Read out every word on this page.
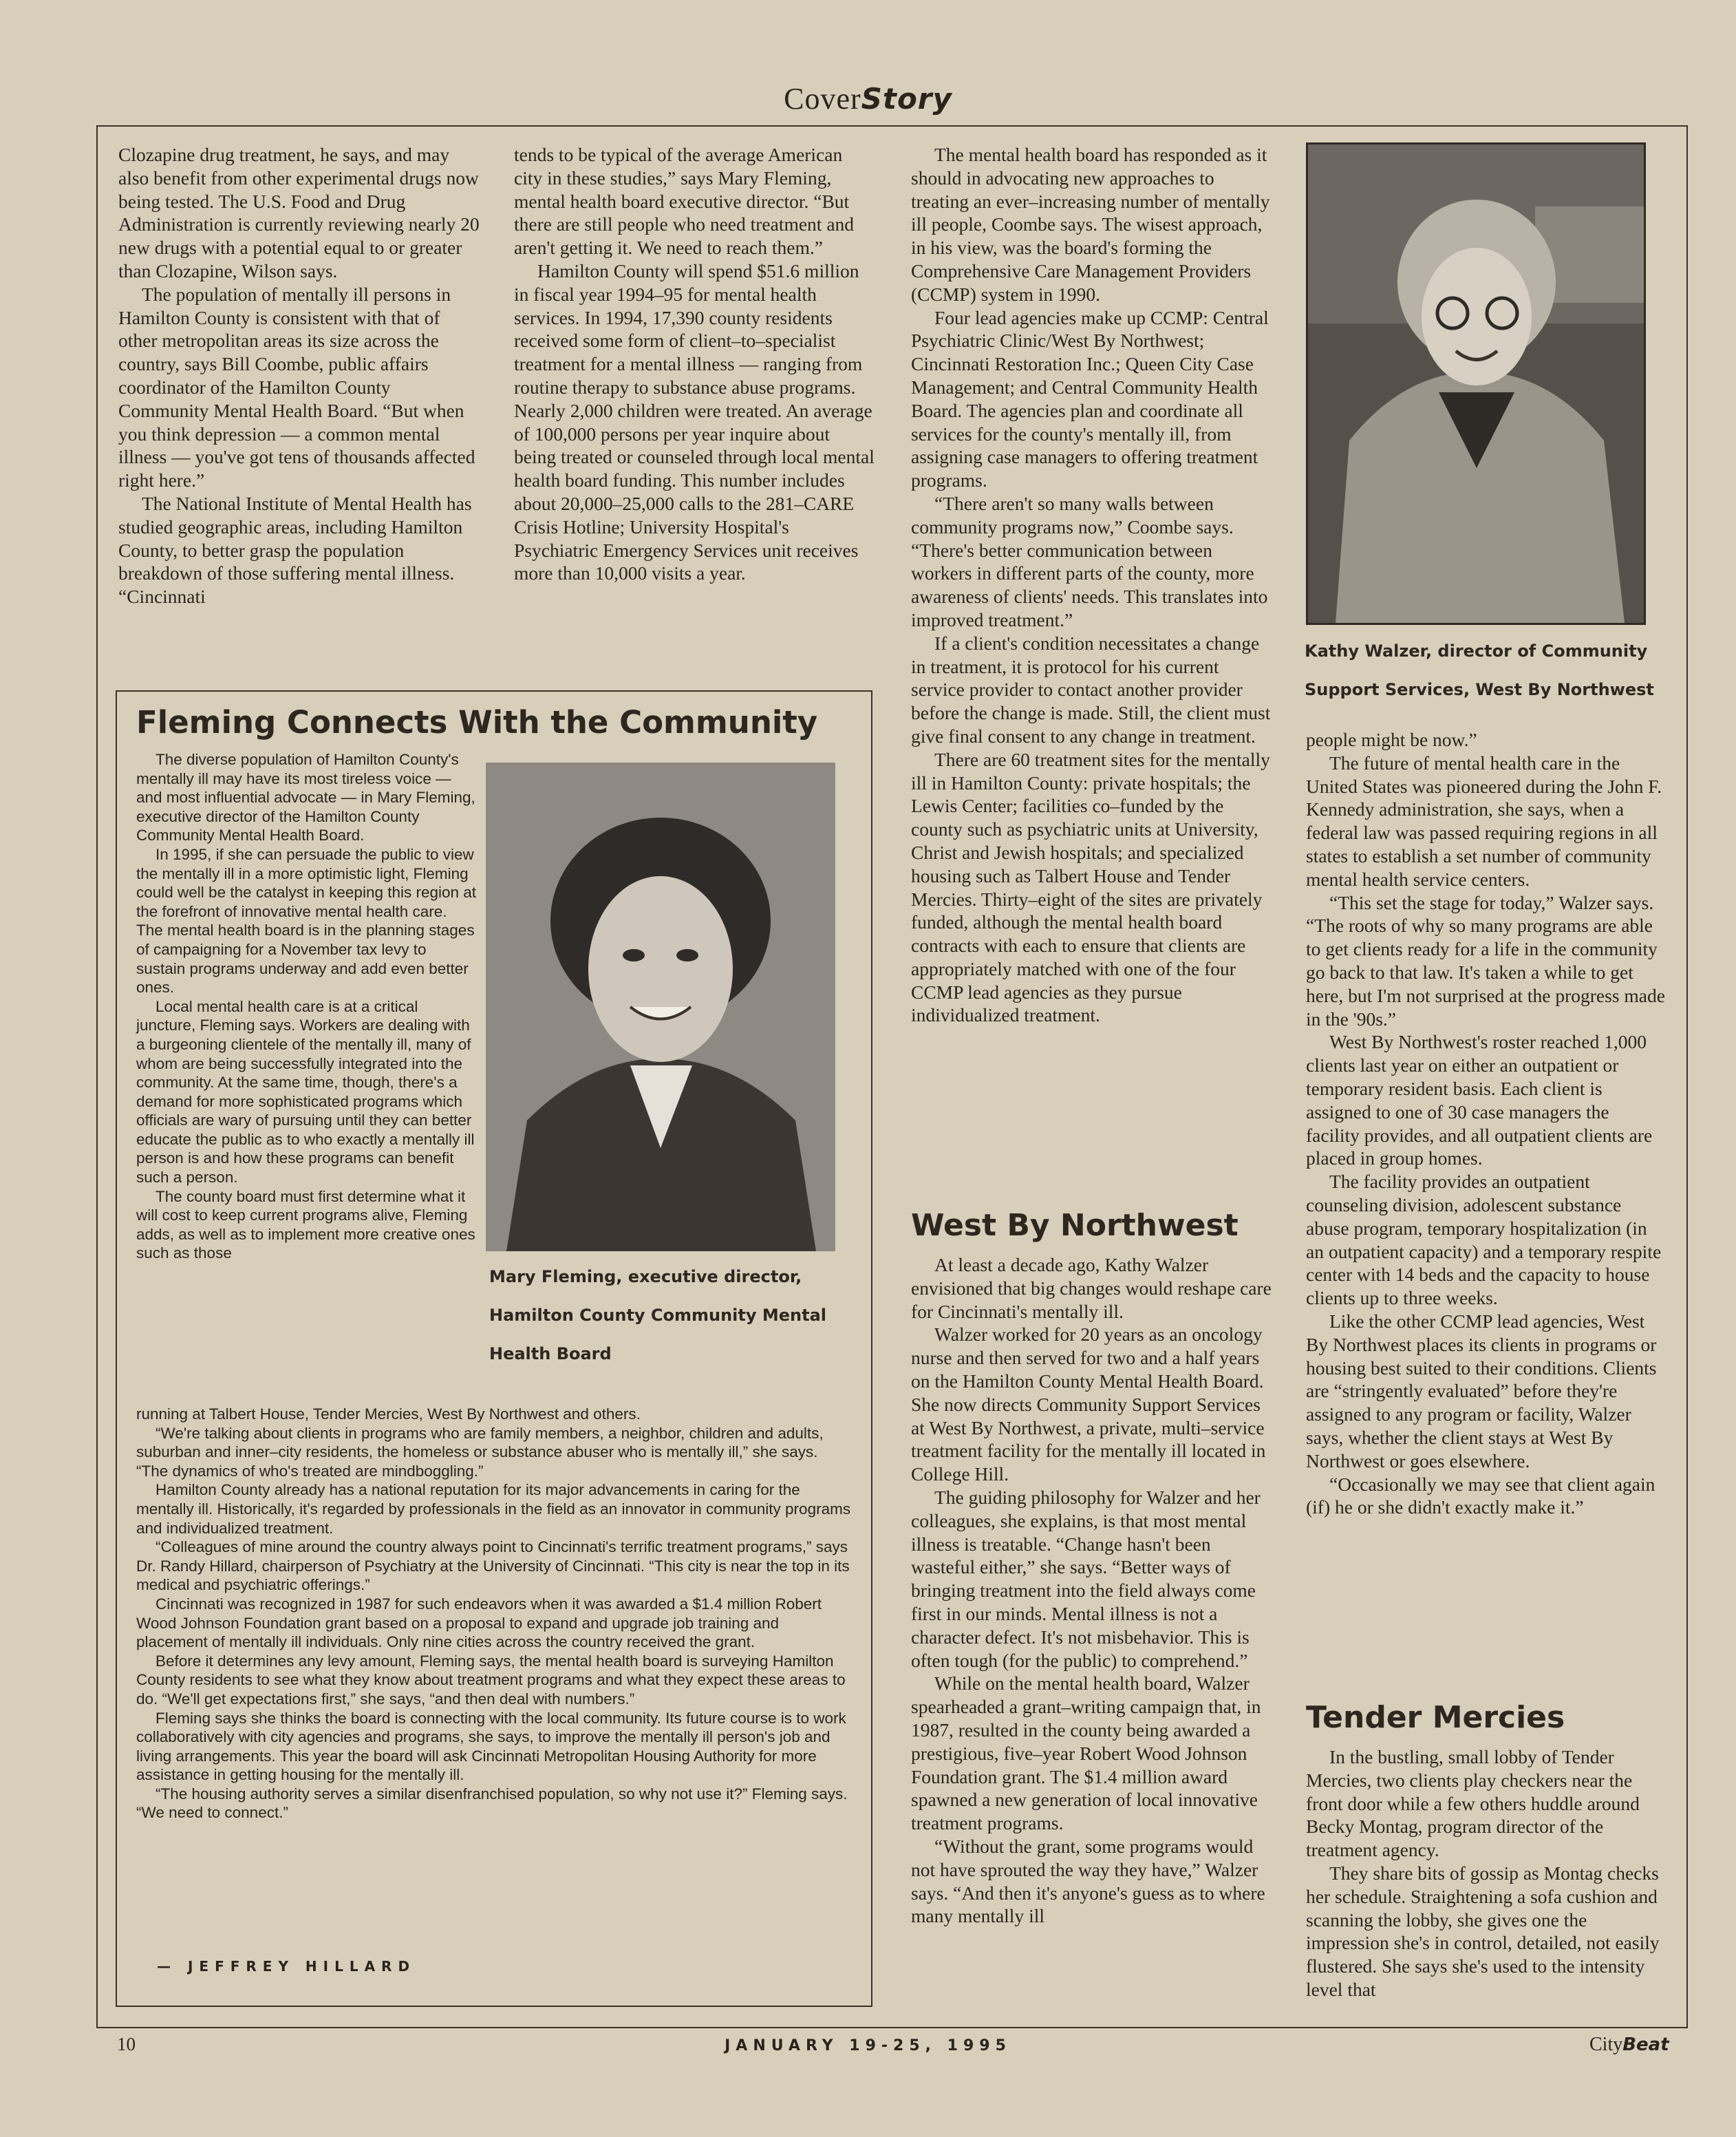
CoverStory

Clozapine drug treatment, he says, and may also benefit from other experimental drugs now being tested. The U.S. Food and Drug Administration is currently reviewing nearly 20 new drugs with a potential equal to or greater than Clozapine, Wilson says.

The population of mentally ill persons in Hamilton County is consistent with that of other metropolitan areas its size across the country, says Bill Coombe, public affairs coordinator of the Hamilton County Community Mental Health Board. “But when you think depression — a common mental illness — you've got tens of thousands affected right here.”

The National Institute of Mental Health has studied geographic areas, including Hamilton County, to better grasp the population breakdown of those suffering mental illness. “Cincinnati

tends to be typical of the average American city in these studies,” says Mary Fleming, mental health board executive director. “But there are still people who need treatment and aren't getting it. We need to reach them.”

Hamilton County will spend $51.6 million in fiscal year 1994–95 for mental health services. In 1994, 17,390 county residents received some form of client–to–specialist treatment for a mental illness — ranging from routine therapy to substance abuse programs. Nearly 2,000 children were treated. An average of 100,000 persons per year inquire about being treated or counseled through local mental health board funding. This number includes about 20,000–25,000 calls to the 281–CARE Crisis Hotline; University Hospital's Psychiatric Emergency Services unit receives more than 10,000 visits a year.

The mental health board has responded as it should in advocating new approaches to treating an ever–increasing number of mentally ill people, Coombe says. The wisest approach, in his view, was the board's forming the Comprehensive Care Management Providers (CCMP) system in 1990.

Four lead agencies make up CCMP: Central Psychiatric Clinic/West By Northwest; Cincinnati Restoration Inc.; Queen City Case Management; and Central Community Health Board. The agencies plan and coordinate all services for the county's mentally ill, from assigning case managers to offering treatment programs.

“There aren't so many walls between community programs now,” Coombe says. “There's better communication between workers in different parts of the county, more awareness of clients' needs. This translates into improved treatment.”

If a client's condition necessitates a change in treatment, it is protocol for his current service provider to contact another provider before the change is made. Still, the client must give final consent to any change in treatment.

There are 60 treatment sites for the mentally ill in Hamilton County: private hospitals; the Lewis Center; facilities co–funded by the county such as psychiatric units at University, Christ and Jewish hospitals; and specialized housing such as Talbert House and Tender Mercies. Thirty–eight of the sites are privately funded, although the mental health board contracts with each to ensure that clients are appropriately matched with one of the four CCMP lead agencies as they pursue individualized treatment.

West By Northwest

At least a decade ago, Kathy Walzer envisioned that big changes would reshape care for Cincinnati's mentally ill.

Walzer worked for 20 years as an oncology nurse and then served for two and a half years on the Hamilton County Mental Health Board. She now directs Community Support Services at West By Northwest, a private, multi–service treatment facility for the mentally ill located in College Hill.

The guiding philosophy for Walzer and her colleagues, she explains, is that most mental illness is treatable. “Change hasn't been wasteful either,” she says. “Better ways of bringing treatment into the field always come first in our minds. Mental illness is not a character defect. It's not misbehavior. This is often tough (for the public) to comprehend.”

While on the mental health board, Walzer spearheaded a grant–writing campaign that, in 1987, resulted in the county being awarded a prestigious, five–year Robert Wood Johnson Foundation grant. The $1.4 million award spawned a new generation of local innovative treatment programs.

“Without the grant, some programs would not have sprouted the way they have,” Walzer says. “And then it's anyone's guess as to where many mentally ill

Kathy Walzer, director of Community
Support Services, West By Northwest

people might be now.”

The future of mental health care in the United States was pioneered during the John F. Kennedy administration, she says, when a federal law was passed requiring regions in all states to establish a set number of community mental health service centers.

“This set the stage for today,” Walzer says. “The roots of why so many programs are able to get clients ready for a life in the community go back to that law. It's taken a while to get here, but I'm not surprised at the progress made in the '90s.”

West By Northwest's roster reached 1,000 clients last year on either an outpatient or temporary resident basis. Each client is assigned to one of 30 case managers the facility provides, and all outpatient clients are placed in group homes.

The facility provides an outpatient counseling division, adolescent substance abuse program, temporary hospitalization (in an outpatient capacity) and a temporary respite center with 14 beds and the capacity to house clients up to three weeks.

Like the other CCMP lead agencies, West By Northwest places its clients in programs or housing best suited to their conditions. Clients are “stringently evaluated” before they're assigned to any program or facility, Walzer says, whether the client stays at West By Northwest or goes elsewhere.

“Occasionally we may see that client again (if) he or she didn't exactly make it.”

Tender Mercies

In the bustling, small lobby of Tender Mercies, two clients play checkers near the front door while a few others huddle around Becky Montag, program director of the treatment agency.

They share bits of gossip as Montag checks her schedule. Straightening a sofa cushion and scanning the lobby, she gives one the impression she's in control, detailed, not easily flustered. She says she's used to the intensity level that

Fleming Connects With the Community
Mary Fleming, executive director,
Hamilton County Community Mental
Health Board

The diverse population of Hamilton County's mentally ill may have its most tireless voice — and most influential advocate — in Mary Fleming, executive director of the Hamilton County Community Mental Health Board.

In 1995, if she can persuade the public to view the mentally ill in a more optimistic light, Fleming could well be the catalyst in keeping this region at the forefront of innovative mental health care. The mental health board is in the planning stages of campaigning for a November tax levy to sustain programs underway and add even better ones.

Local mental health care is at a critical juncture, Fleming says. Workers are dealing with a burgeoning clientele of the mentally ill, many of whom are being successfully integrated into the community. At the same time, though, there's a demand for more sophisticated programs which officials are wary of pursuing until they can better educate the public as to who exactly a mentally ill person is and how these programs can benefit such a person.

The county board must first determine what it will cost to keep current programs alive, Fleming adds, as well as to implement more creative ones such as those

running at Talbert House, Tender Mercies, West By Northwest and others.

“We're talking about clients in programs who are family members, a neighbor, children and adults, suburban and inner–city residents, the homeless or substance abuser who is mentally ill,” she says. “The dynamics of who's treated are mindboggling.”

Hamilton County already has a national reputation for its major advancements in caring for the mentally ill. Historically, it's regarded by professionals in the field as an innovator in community programs and individualized treatment.

“Colleagues of mine around the country always point to Cincinnati's terrific treatment programs,” says Dr. Randy Hillard, chairperson of Psychiatry at the University of Cincinnati. “This city is near the top in its medical and psychiatric offerings.”

Cincinnati was recognized in 1987 for such endeavors when it was awarded a $1.4 million Robert Wood Johnson Foundation grant based on a proposal to expand and upgrade job training and placement of mentally ill individuals. Only nine cities across the country received the grant.

Before it determines any levy amount, Fleming says, the mental health board is surveying Hamilton County residents to see what they know about treatment programs and what they expect these areas to do. “We'll get expectations first,” she says, “and then deal with numbers.”

Fleming says she thinks the board is connecting with the local community. Its future course is to work collaboratively with city agencies and programs, she says, to improve the mentally ill person's job and living arrangements. This year the board will ask Cincinnati Metropolitan Housing Authority for more assistance in getting housing for the mentally ill.

“The housing authority serves a similar disenfranchised population, so why not use it?” Fleming says. “We need to connect.”

— JEFFREY HILLARD
10	JANUARY 19-25, 1995	CityBeat
